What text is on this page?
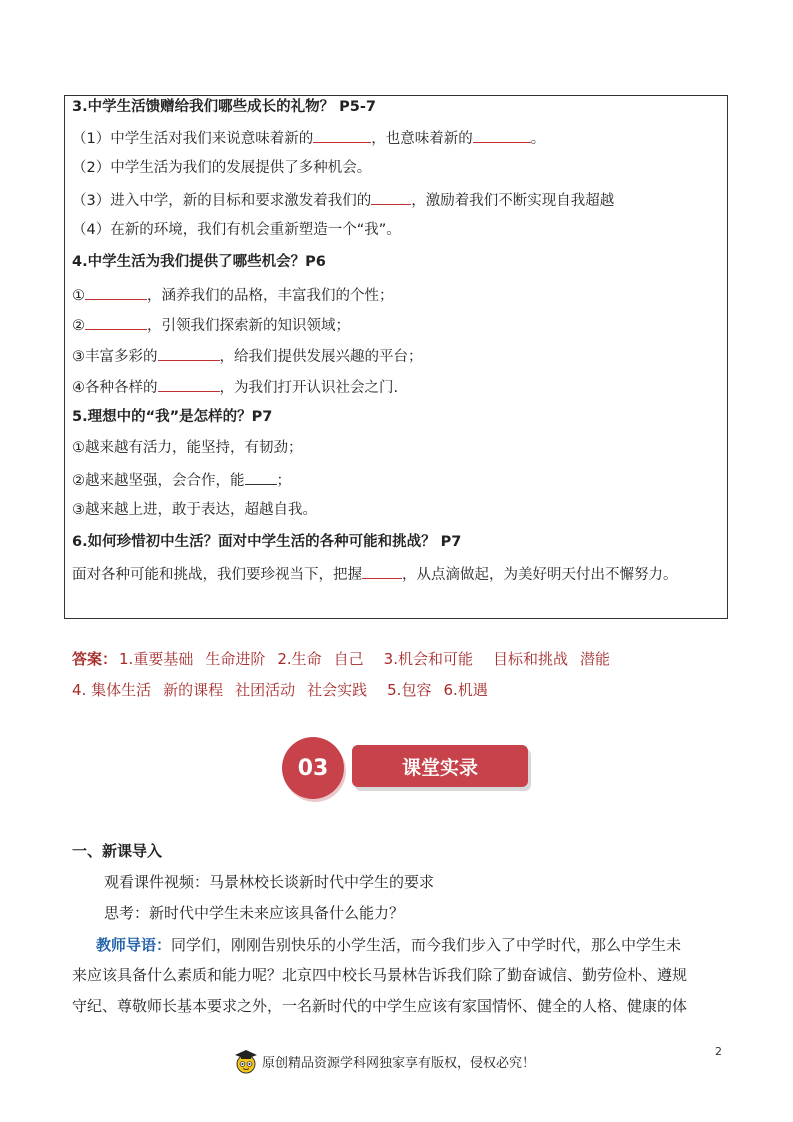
3.中学生活馈赠给我们哪些成长的礼物？ P5-7
（1）中学生活对我们来说意味着新的	，也意味着新的	。
（2）中学生活为我们的发展提供了多种机会。
（3）进入中学，新的目标和要求激发着我们的	，激励着我们不断实现自我超越
（4）在新的环境，我们有机会重新塑造一个“我”。
4.中学生活为我们提供了哪些机会？P6
①	，涵养我们的品格，丰富我们的个性；
②	，引领我们探索新的知识领域；
③丰富多彩的	，给我们提供发展兴趣的平台；
④各种各样的	，为我们打开认识社会之门.
5.理想中的“我”是怎样的？P7
①越来越有活力，能坚持，有韧劲；
②越来越坚强，会合作，能 ；
③越来越上进，敢于表达，超越自我。
6.如何珍惜初中生活？面对中学生活的各种可能和挑战？ P7
面对各种可能和挑战，我们要珍视当下，把握	，从点滴做起，为美好明天付出不懈努力。
答案： 1.重要基础 生命进阶 2.生命 自己 3.机会和可能 目标和挑战 潜能
4. 集体生活 新的课程 社团活动 社会实践 5.包容 6.机遇
03	课堂实录
一、新课导入
观看课件视频：马景林校长谈新时代中学生的要求
思考：新时代中学生未来应该具备什么能力？
教师导语：同学们，刚刚告别快乐的小学生活，而今我们步入了中学时代，那么中学生未
来应该具备什么素质和能力呢？北京四中校长马景林告诉我们除了勤奋诚信、勤劳俭朴、遵规
守纪、尊敬师长基本要求之外，一名新时代的中学生应该有家国情怀、健全的人格、健康的体
2
原创精品资源学科网独家享有版权，侵权必究！
